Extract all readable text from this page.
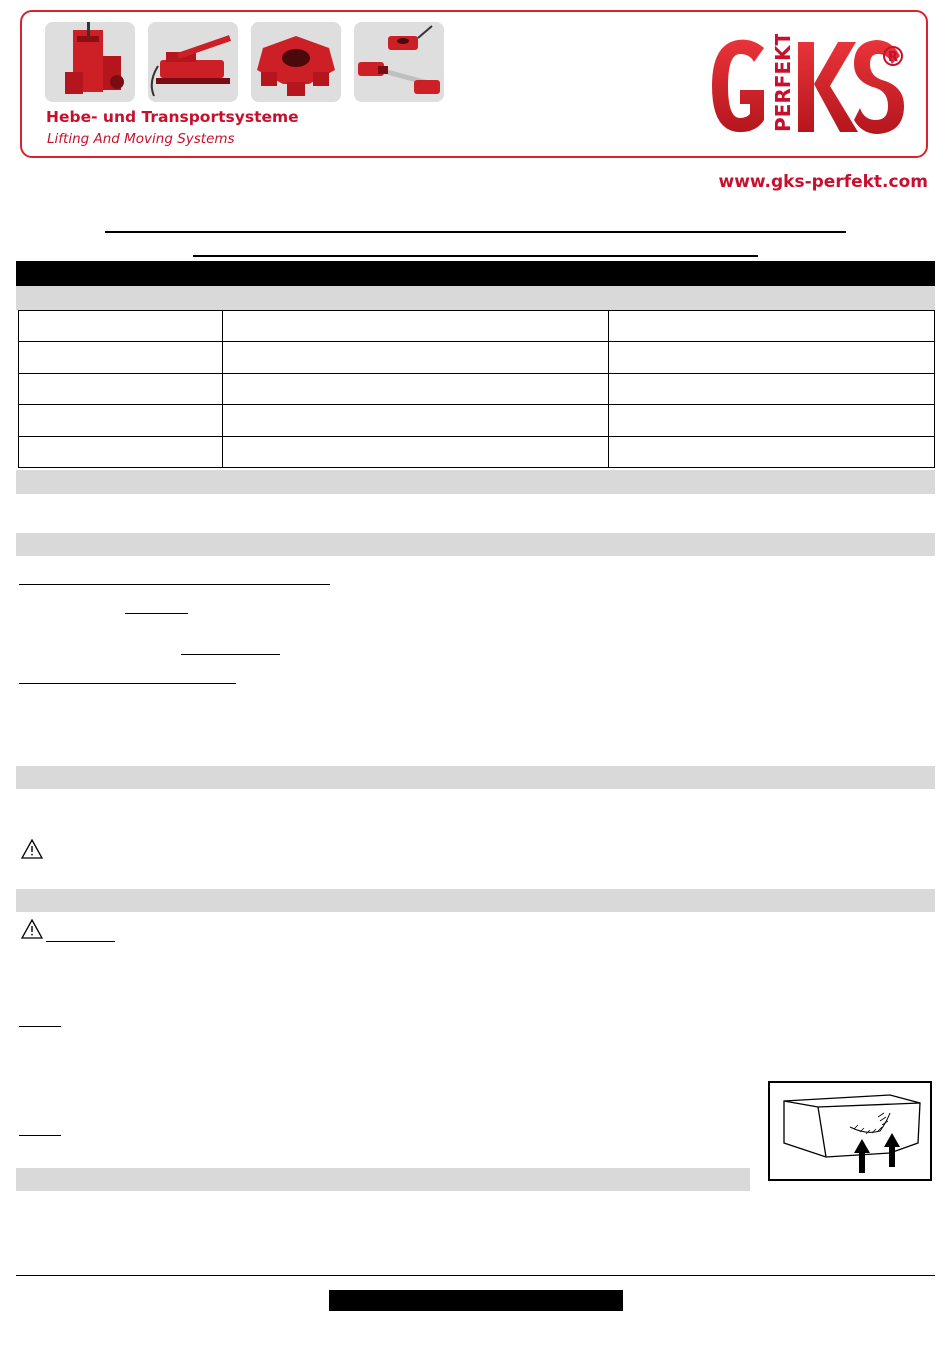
Hebe- und Transportsysteme
Lifting And Moving Systems
PERFEKT	R
www.gks-perfekt.com
